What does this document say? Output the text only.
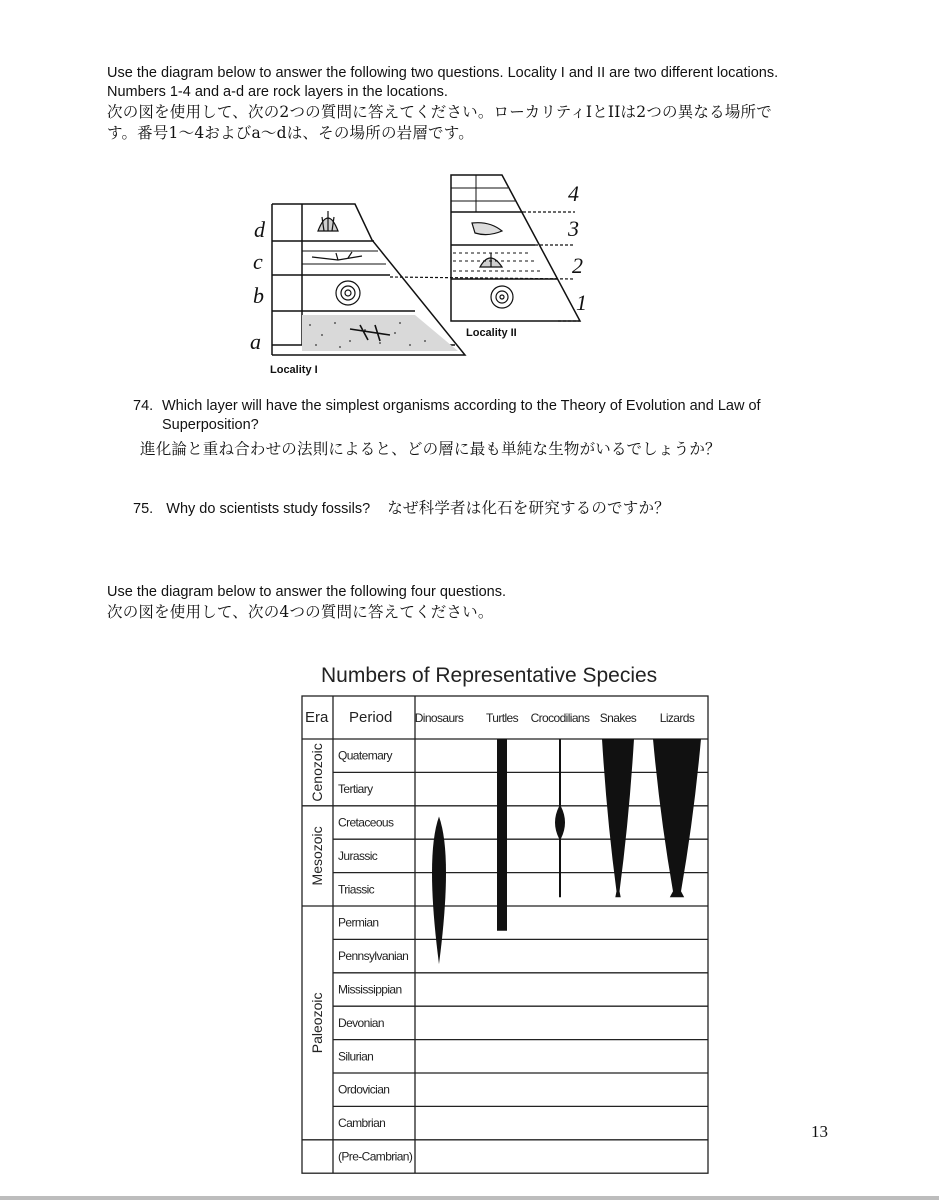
Use the diagram below to answer the following two questions. Locality I and II are two different locations. Numbers 1-4 and a-d are rock layers in the locations.
次の図を使用して、次の2つの質問に答えてください。ローカリティIとIIは2つの異なる場所です。番号1～4およびa～dは、その場所の岩層です。
d
c
b
a
4
3
2
1
Locality I
Locality II
74. Which layer will have the simplest organisms according to the Theory of Evolution and Law of Superposition?
進化論と重ね合わせの法則によると、どの層に最も単純な生物がいるでしょうか？
75. Why do scientists study fossils? なぜ科学者は化石を研究するのですか？
Use the diagram below to answer the following four questions.
次の図を使用して、次の4つの質問に答えてください。
Numbers of Representative Species
Era Period Dinosaurs Turtles Crocodilians Snakes Lizards
Cenozoic
Mesozoic
Paleozoic
Quatemary
Tertiary
Cretaceous
Jurassic
Triassic
Permian
Pennsylvanian
Mississippian
Devonian
Silurian
Ordovician
Cambrian
(Pre-Cambrian)
13
